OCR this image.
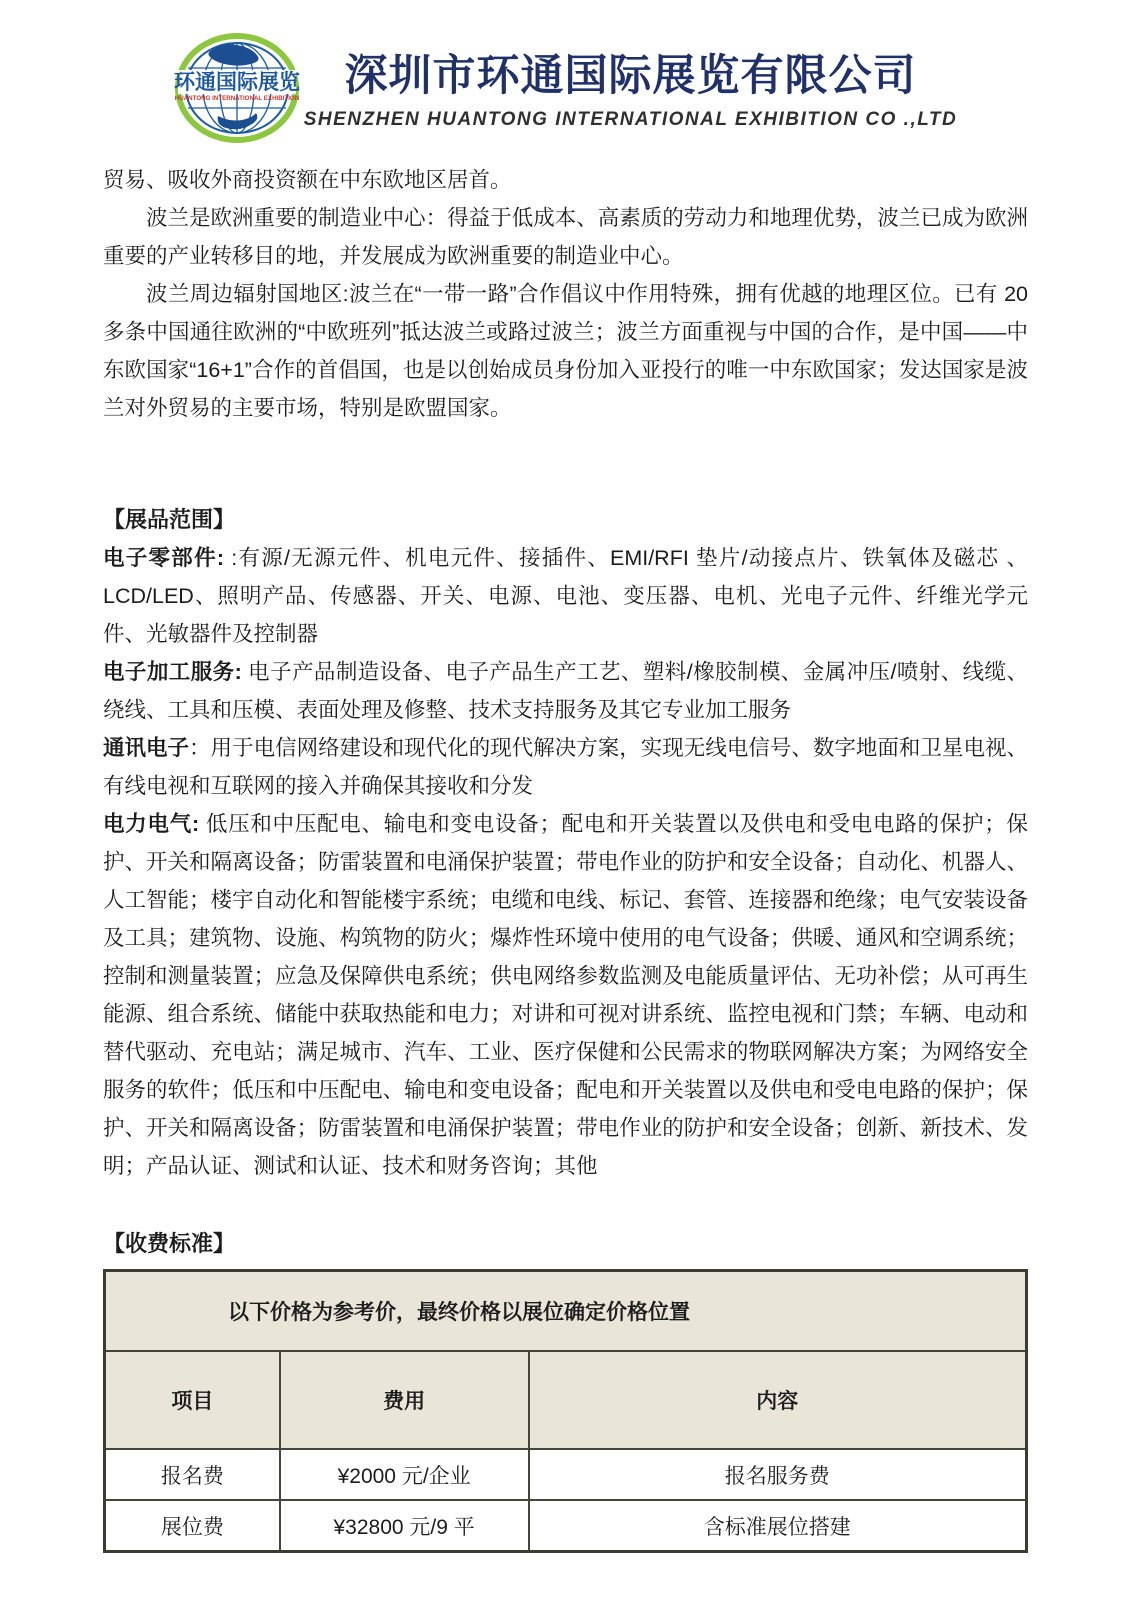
环通国际展览
HUANTONG INTERNATIONAL EXHIBITION	深圳市环通国际展览有限公司
SHENZHEN HUANTONG INTERNATIONAL EXHIBITION CO .,LTD

贸易、吸收外商投资额在中东欧地区居首。

波兰是欧洲重要的制造业中心：得益于低成本、高素质的劳动力和地理优势，波兰已成为欧洲重要的产业转移目的地，并发展成为欧洲重要的制造业中心。

波兰周边辐射国地区:波兰在“一带一路”合作倡议中作用特殊，拥有优越的地理区位。已有 20 多条中国通往欧洲的“中欧班列”抵达波兰或路过波兰；波兰方面重视与中国的合作，是中国——中东欧国家“16+1”合作的首倡国，也是以创始成员身份加入亚投行的唯一中东欧国家；发达国家是波兰对外贸易的主要市场，特别是欧盟国家。

【展品范围】

电子零部件: :有源/无源元件、机电元件、接插件、EMI/RFI 垫片/动接点片、铁氧体及磁芯 、LCD/LED、照明产品、传感器、开关、电源、电池、变压器、电机、光电子元件、纤维光学元件、光敏器件及控制器

电子加工服务: 电子产品制造设备、电子产品生产工艺、塑料/橡胶制模、金属冲压/喷射、线缆、绕线、工具和压模、表面处理及修整、技术支持服务及其它专业加工服务

通讯电子：用于电信网络建设和现代化的现代解决方案，实现无线电信号、数字地面和卫星电视、有线电视和互联网的接入并确保其接收和分发

电力电气: 低压和中压配电、输电和变电设备；配电和开关装置以及供电和受电电路的保护；保护、开关和隔离设备；防雷装置和电涌保护装置；带电作业的防护和安全设备；自动化、机器人、人工智能；楼宇自动化和智能楼宇系统；电缆和电线、标记、套管、连接器和绝缘；电气安装设备及工具；建筑物、设施、构筑物的防火；爆炸性环境中使用的电气设备；供暖、通风和空调系统；控制和测量装置；应急及保障供电系统；供电网络参数监测及电能质量评估、无功补偿；从可再生能源、组合系统、储能中获取热能和电力；对讲和可视对讲系统、监控电视和门禁；车辆、电动和替代驱动、充电站；满足城市、汽车、工业、医疗保健和公民需求的物联网解决方案；为网络安全服务的软件；低压和中压配电、输电和变电设备；配电和开关装置以及供电和受电电路的保护；保护、开关和隔离设备；防雷装置和电涌保护装置；带电作业的防护和安全设备；创新、新技术、发明；产品认证、测试和认证、技术和财务咨询；其他

【收费标准】
以下价格为参考价，最终价格以展位确定价格位置		
项目	费用	内容
报名费	¥2000 元/企业	报名服务费
展位费	¥32800 元/9 平	含标准展位搭建
